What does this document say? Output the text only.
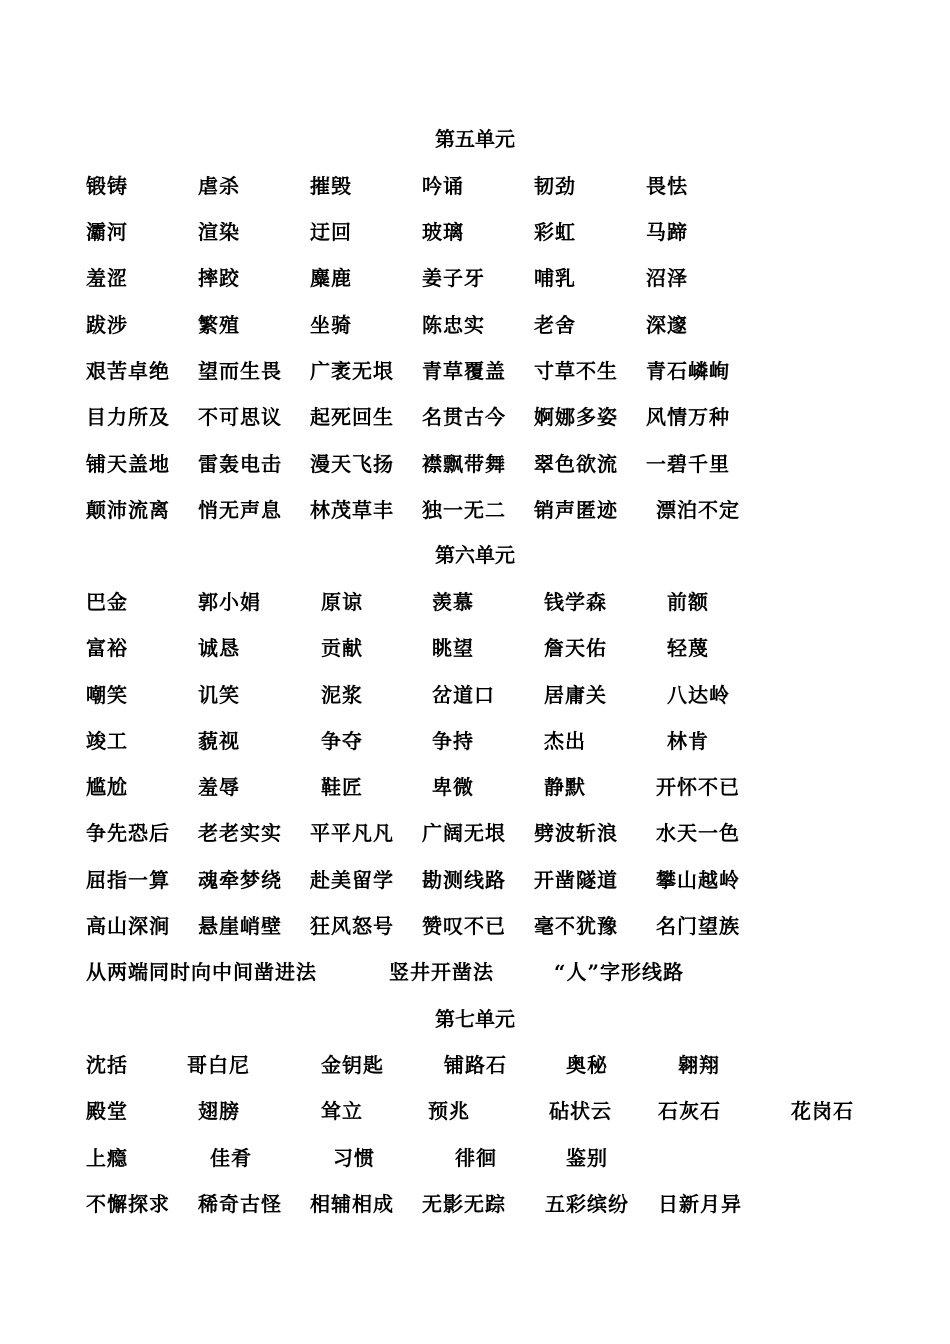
第五单元
锻铸	虐杀	摧毁	吟诵	韧劲	畏怯
灞河	渲染	迂回	玻璃	彩虹	马蹄
羞涩	摔跤	麋鹿	姜子牙 哺乳	沼泽
跋涉	繁殖	坐骑	陈忠实 老舍	深邃
艰苦卓绝 望而生畏 广袤无垠 青草覆盖 寸草不生 青石嶙峋
目力所及 不可思议 起死回生 名贯古今 婀娜多姿 风情万种
铺天盖地 雷轰电击 漫天飞扬 襟飘带舞 翠色欲流 一碧千里
颠沛流离 悄无声息 林茂草丰 独一无二 销声匿迹 漂泊不定
第六单元
巴金	郭小娟	原谅	羡慕	钱学森	前额
富裕	诚恳	贡献	眺望	詹天佑	轻蔑
嘲笑	讥笑	泥浆	岔道口 居庸关	八达岭
竣工	藐视	争夺	争持	杰出	林肯
尴尬	羞辱	鞋匠	卑微	静默	开怀不已
争先恐后 老老实实 平平凡凡 广阔无垠 劈波斩浪 水天一色
屈指一算 魂牵梦绕 赴美留学 勘测线路 开凿隧道 攀山越岭
高山深涧 悬崖峭壁 狂风怒号 赞叹不已 毫不犹豫 名门望族
从两端同时向中间凿进法	竖井开凿法	“人”字形线路
第七单元
沈括	哥白尼	金钥匙	铺路石	奥秘	翱翔
殿堂	翅膀	耸立	预兆	砧状云 石灰石	花岗石
上瘾	佳肴	习惯	徘徊	鉴别
不懈探求 稀奇古怪 相辅相成 无影无踪 五彩缤纷 日新月异
